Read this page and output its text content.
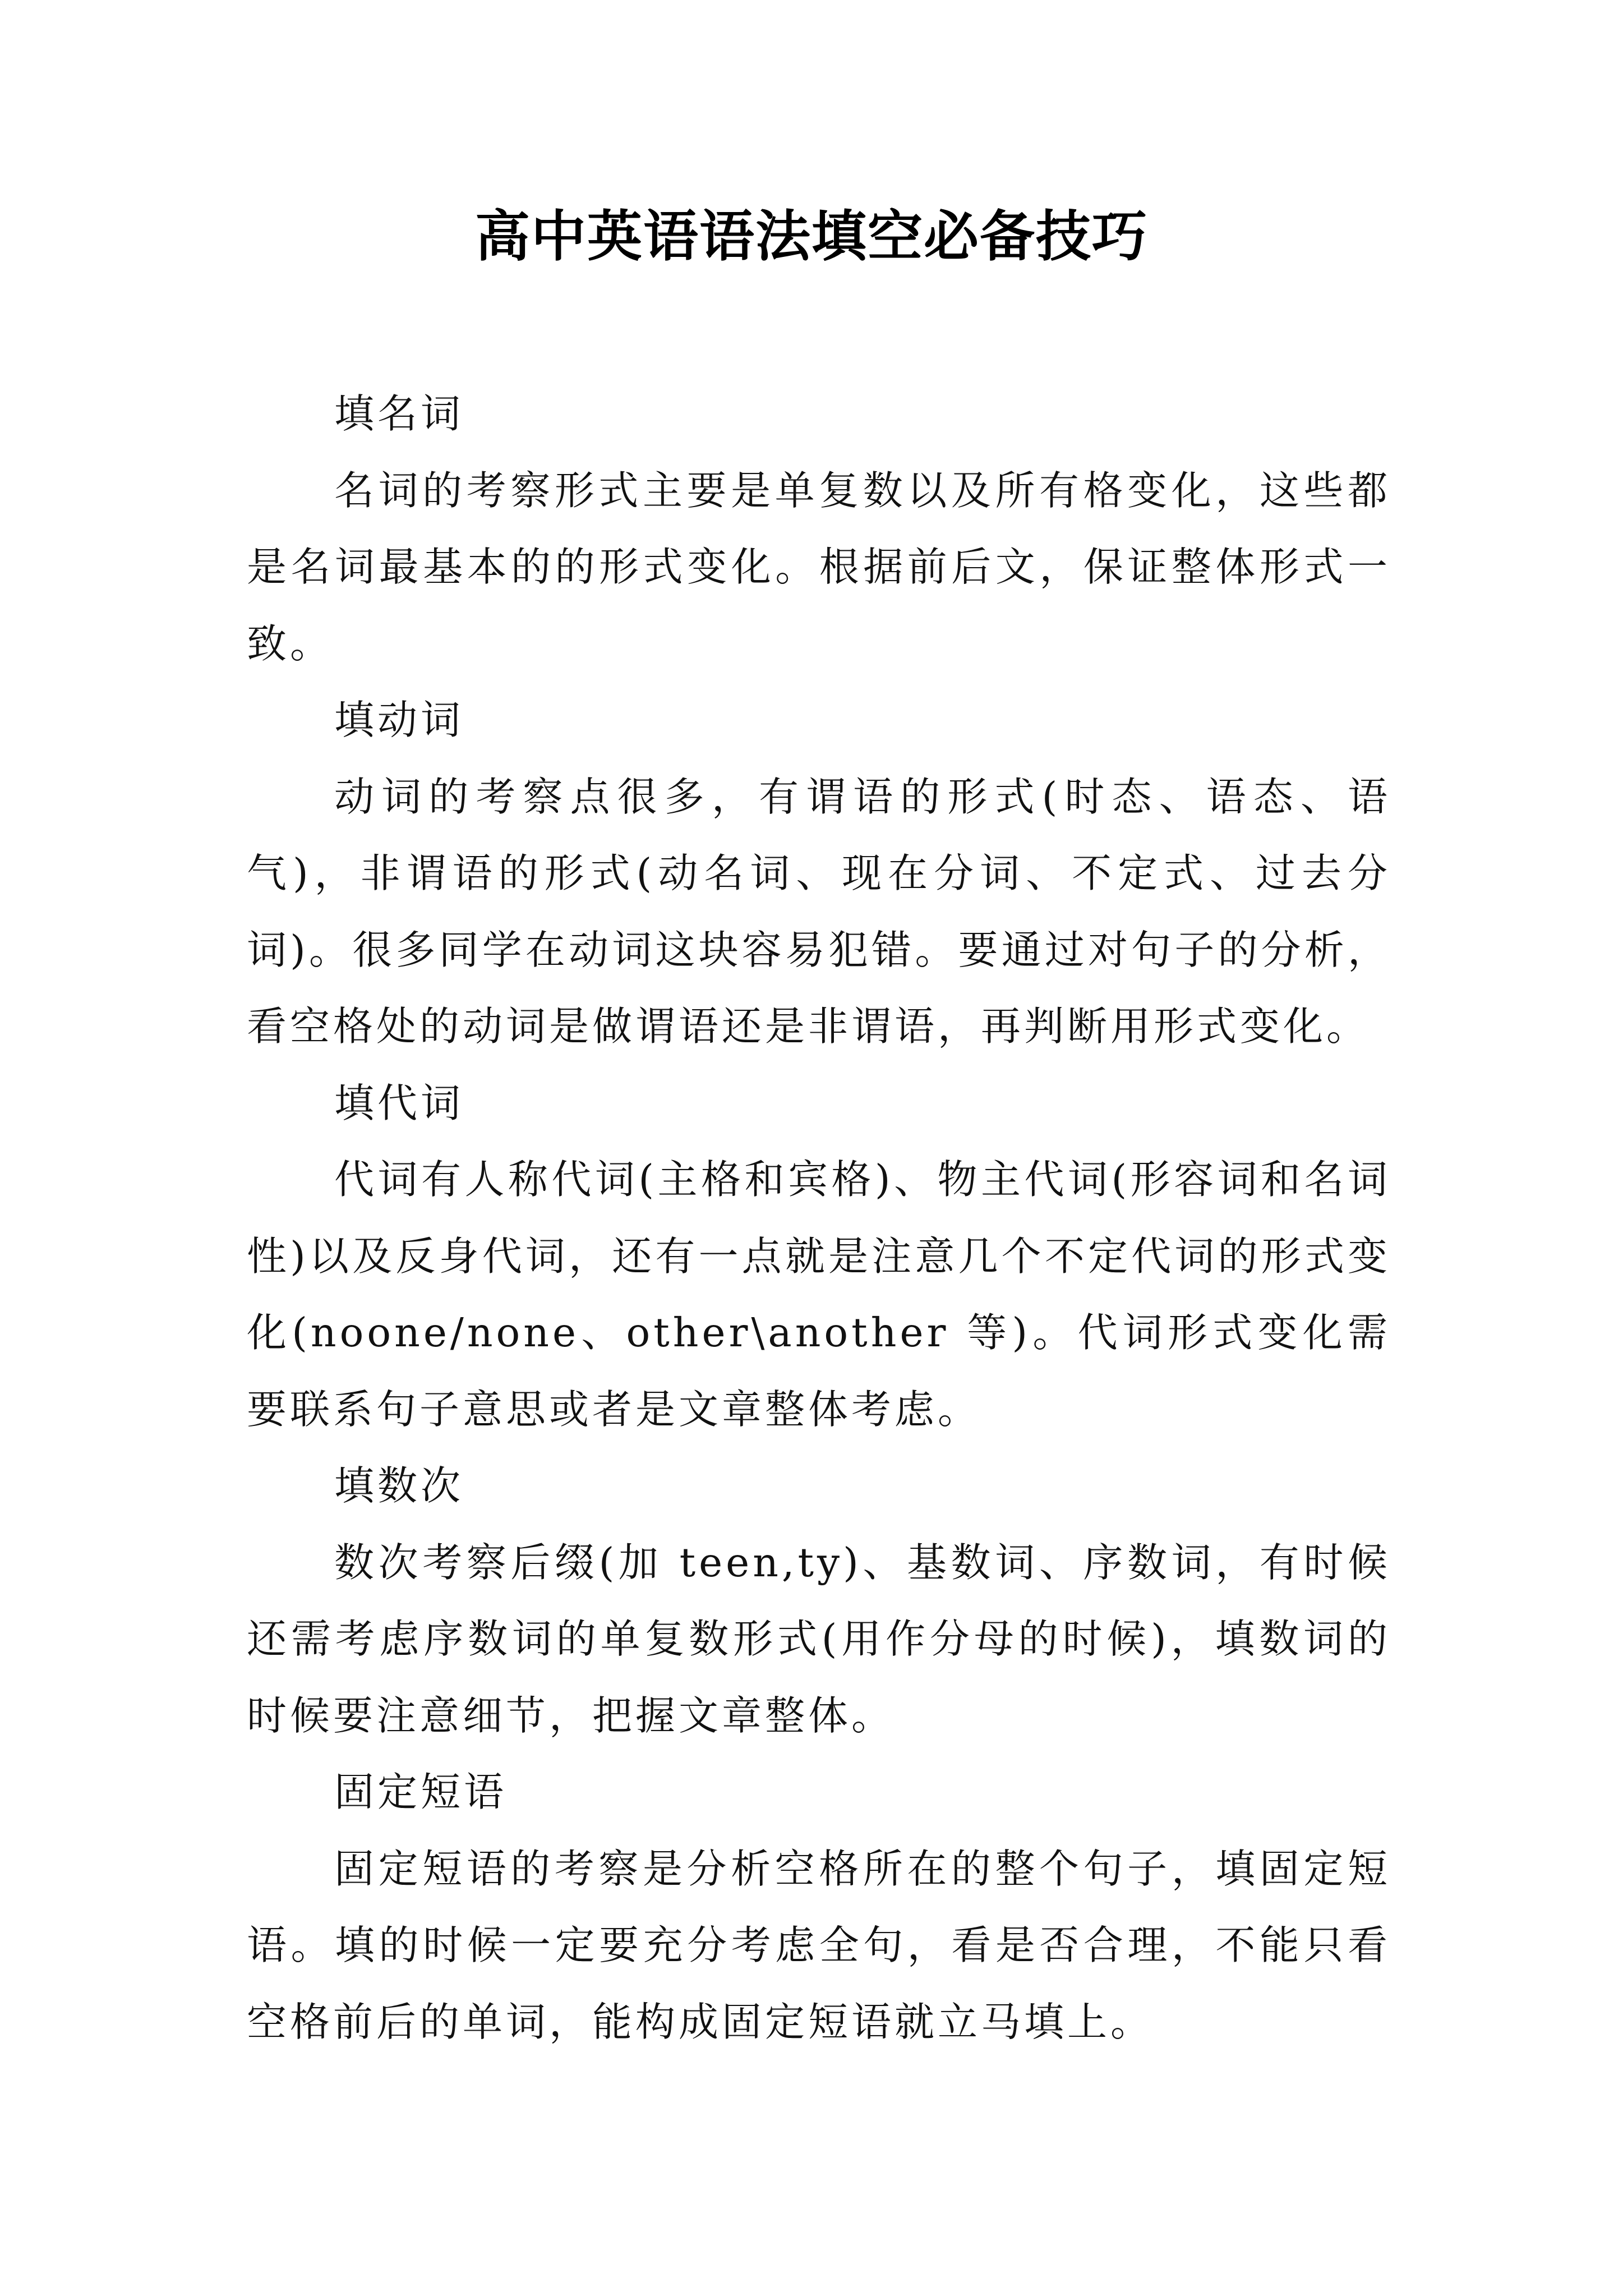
高中英语语法填空必备技巧

填名词

名词的考察形式主要是单复数以及所有格变化，这些都是名词最基本的的形式变化。根据前后文，保证整体形式一致。

填动词

动词的考察点很多，有谓语的形式(时态、语态、语气)，非谓语的形式(动名词、现在分词、不定式、过去分词)。很多同学在动词这块容易犯错。要通过对句子的分析，看空格处的动词是做谓语还是非谓语，再判断用形式变化。

填代词

代词有人称代词(主格和宾格)、物主代词(形容词和名词性)以及反身代词，还有一点就是注意几个不定代词的形式变化(noone/none、other\another 等)。代词形式变化需要联系句子意思或者是文章整体考虑。

填数次

数次考察后缀(加 teen,ty)、基数词、序数词，有时候还需考虑序数词的单复数形式(用作分母的时候)，填数词的时候要注意细节，把握文章整体。

固定短语

固定短语的考察是分析空格所在的整个句子，填固定短语。填的时候一定要充分考虑全句，看是否合理，不能只看空格前后的单词，能构成固定短语就立马填上。
